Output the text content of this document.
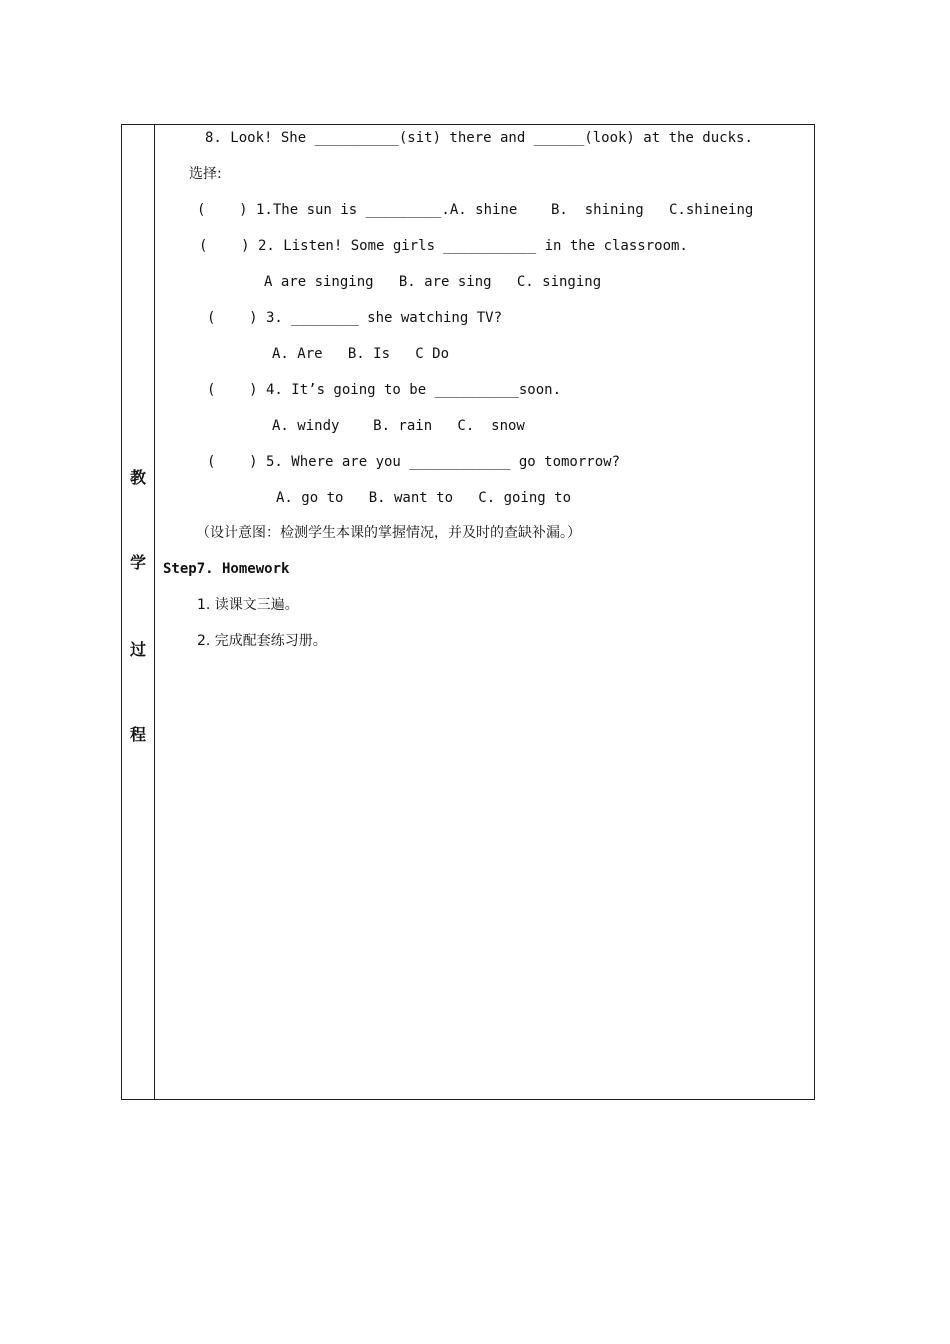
教
学
过
程
8. Look! She __________(sit) there and ______(look) at the ducks.
选择:
(    ) 1.The sun is _________.A. shine    B.  shining   C.shineing
(    ) 2. Listen! Some girls ___________ in the classroom.
A are singing   B. are sing   C. singing
(    ) 3. ________ she watching TV?
A. Are   B. Is   C Do
(    ) 4. It’s going to be __________soon.
A. windy    B. rain   C.  snow
(    ) 5. Where are you ____________ go tomorrow?
A. go to   B. want to   C. going to
（设计意图：检测学生本课的掌握情况，并及时的查缺补漏。）
Step7. Homework
1. 读课文三遍。
2. 完成配套练习册。
